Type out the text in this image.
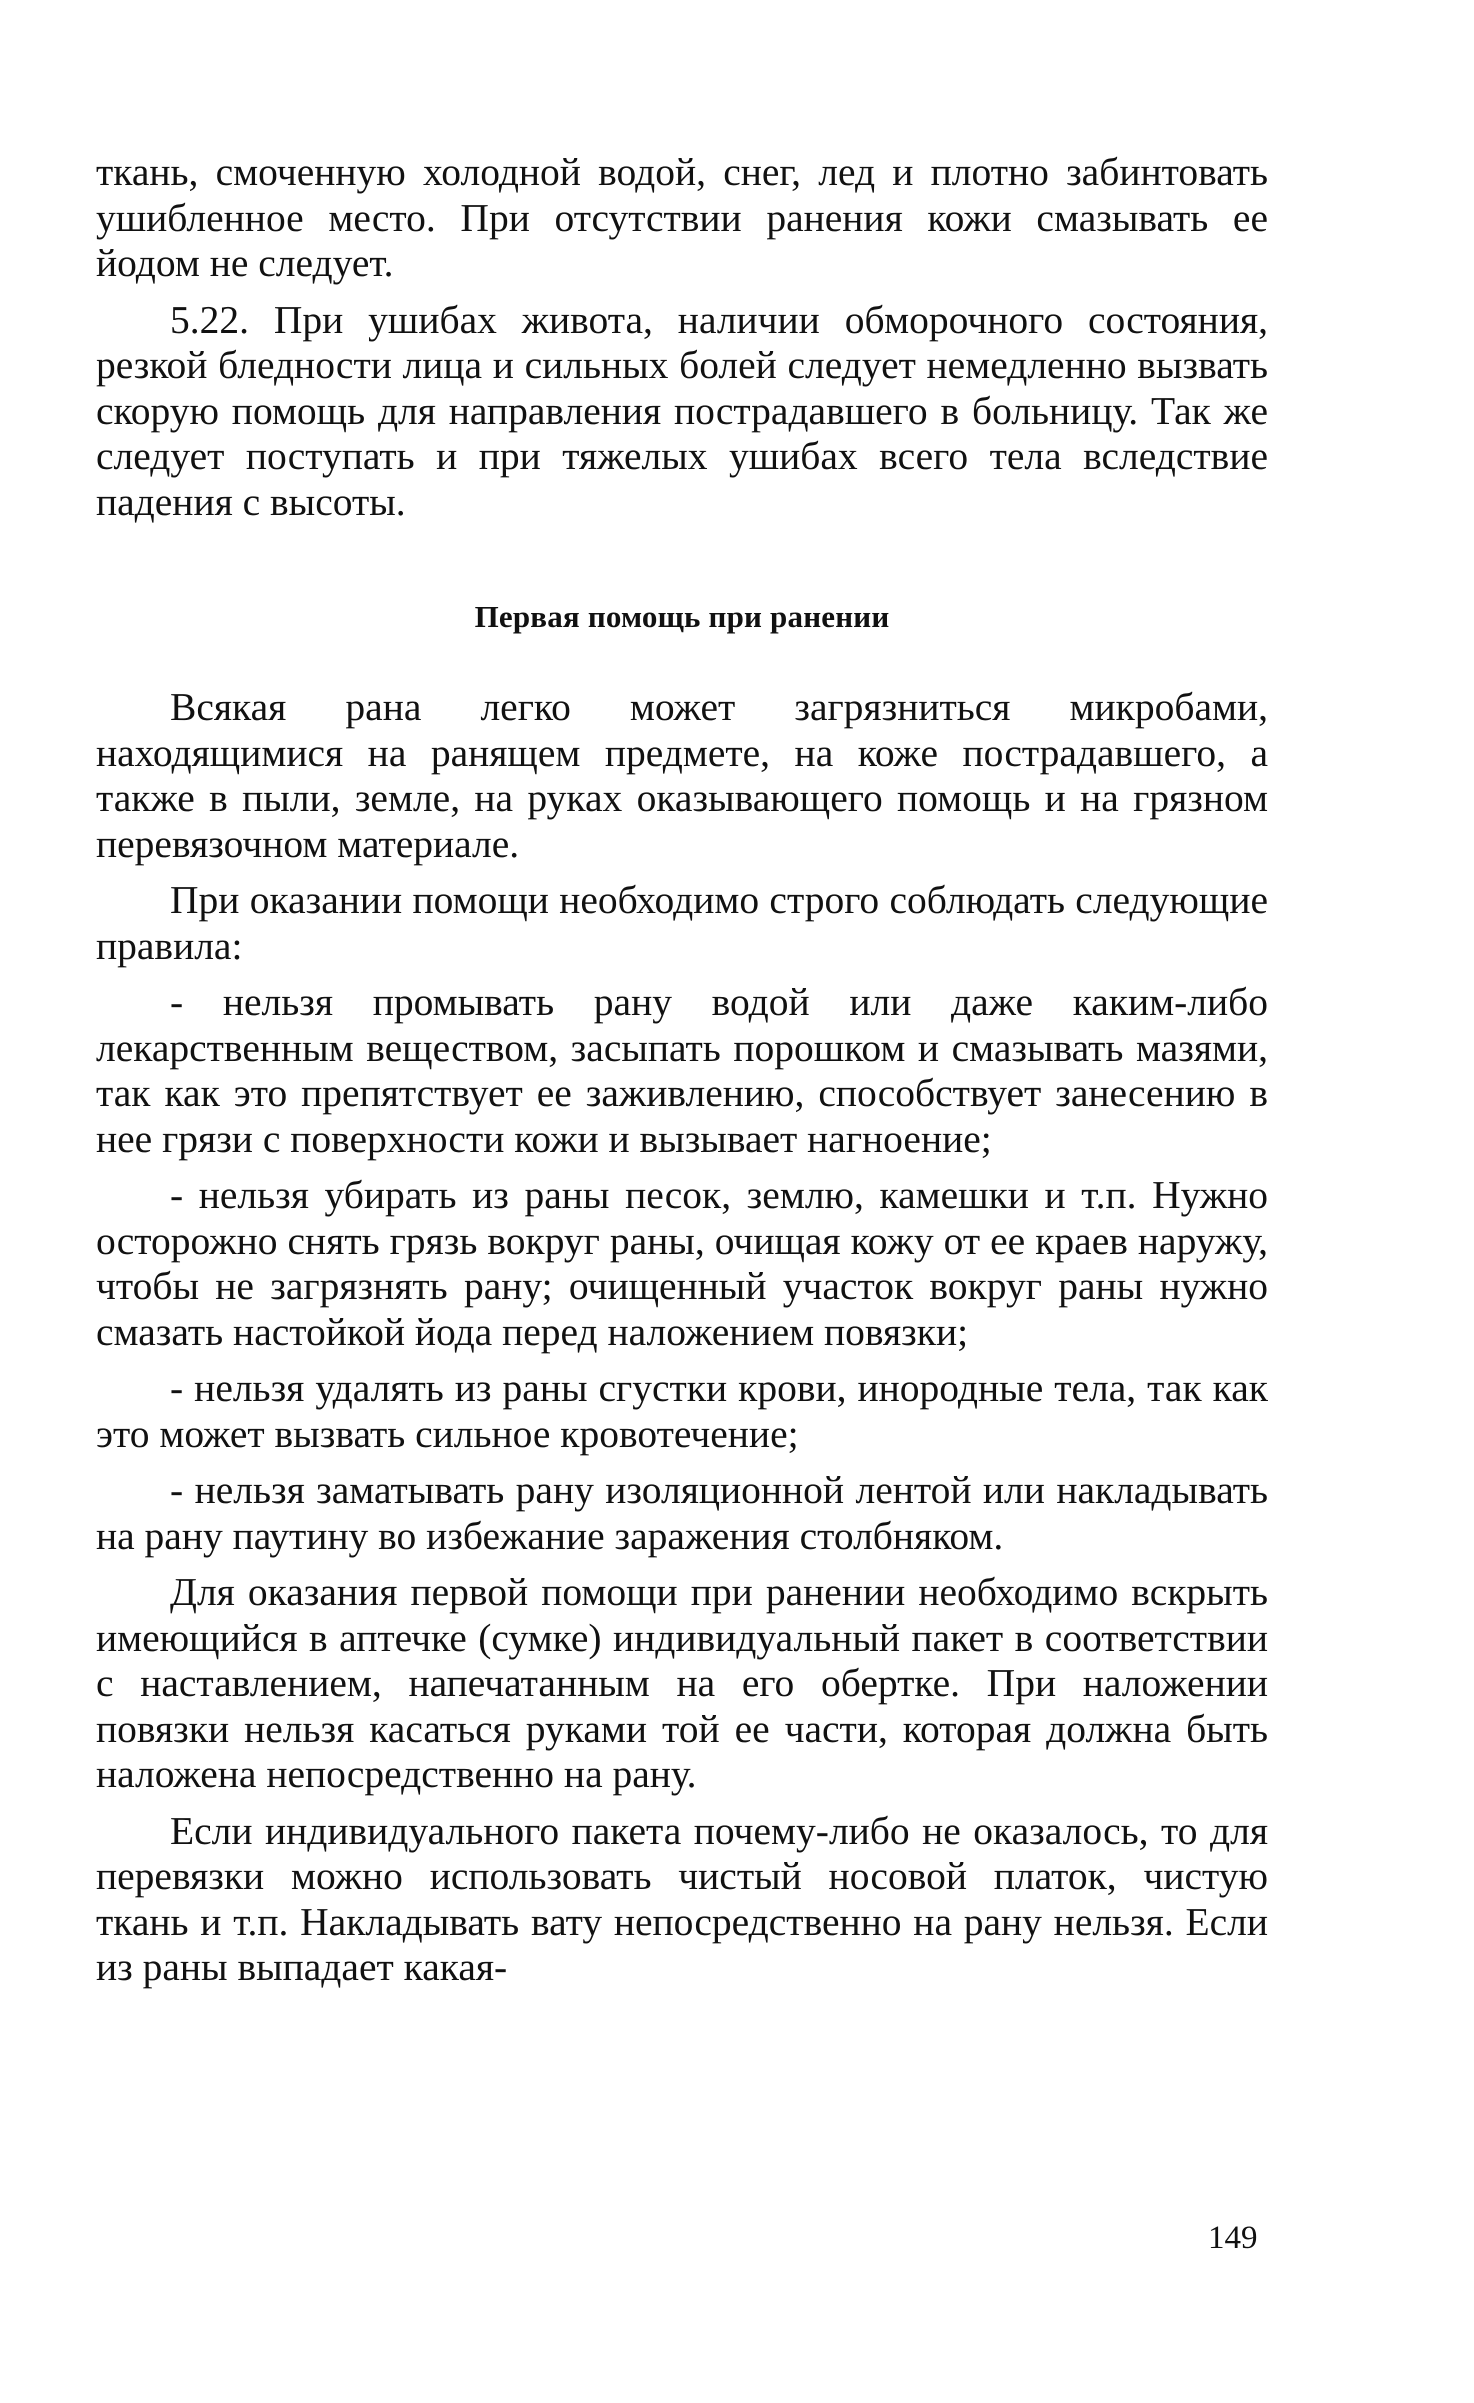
ткань, смоченную холодной водой, снег, лед и плотно забинтовать ушибленное место. При отсутствии ранения кожи смазывать ее йодом не следует.

5.22. При ушибах живота, наличии обморочного состояния, резкой бледности лица и сильных болей следует немедленно вызвать скорую помощь для направления пострадавшего в больницу. Так же следует поступать и при тяжелых ушибах всего тела вследствие падения с высоты.

Первая помощь при ранении

Всякая рана легко может загрязниться микробами, находящимися на ранящем предмете, на коже пострадавшего, а также в пыли, земле, на руках оказывающего помощь и на грязном перевязочном материале.

При оказании помощи необходимо строго соблюдать следующие правила:

- нельзя промывать рану водой или даже каким-либо лекарственным веществом, засыпать порошком и смазывать мазями, так как это препятствует ее заживлению, способствует занесению в нее грязи с поверхности кожи и вызывает нагноение;

- нельзя убирать из раны песок, землю, камешки и т.п. Нужно осторожно снять грязь вокруг раны, очищая кожу от ее краев наружу, чтобы не загрязнять рану; очищенный участок вокруг раны нужно смазать настойкой йода перед наложением повязки;

- нельзя удалять из раны сгустки крови, инородные тела, так как это может вызвать сильное кровотечение;

- нельзя заматывать рану изоляционной лентой или накладывать на рану паутину во избежание заражения столбняком.

Для оказания первой помощи при ранении необходимо вскрыть имеющийся в аптечке (сумке) индивидуальный пакет в соответствии с наставлением, напечатанным на его обертке. При наложении повязки нельзя касаться руками той ее части, которая должна быть наложена непосредственно на рану.

Если индивидуального пакета почему-либо не оказалось, то для перевязки можно использовать чистый носовой платок, чистую ткань и т.п. Накладывать вату непосредственно на рану нельзя. Если из раны выпадает какая-

149
